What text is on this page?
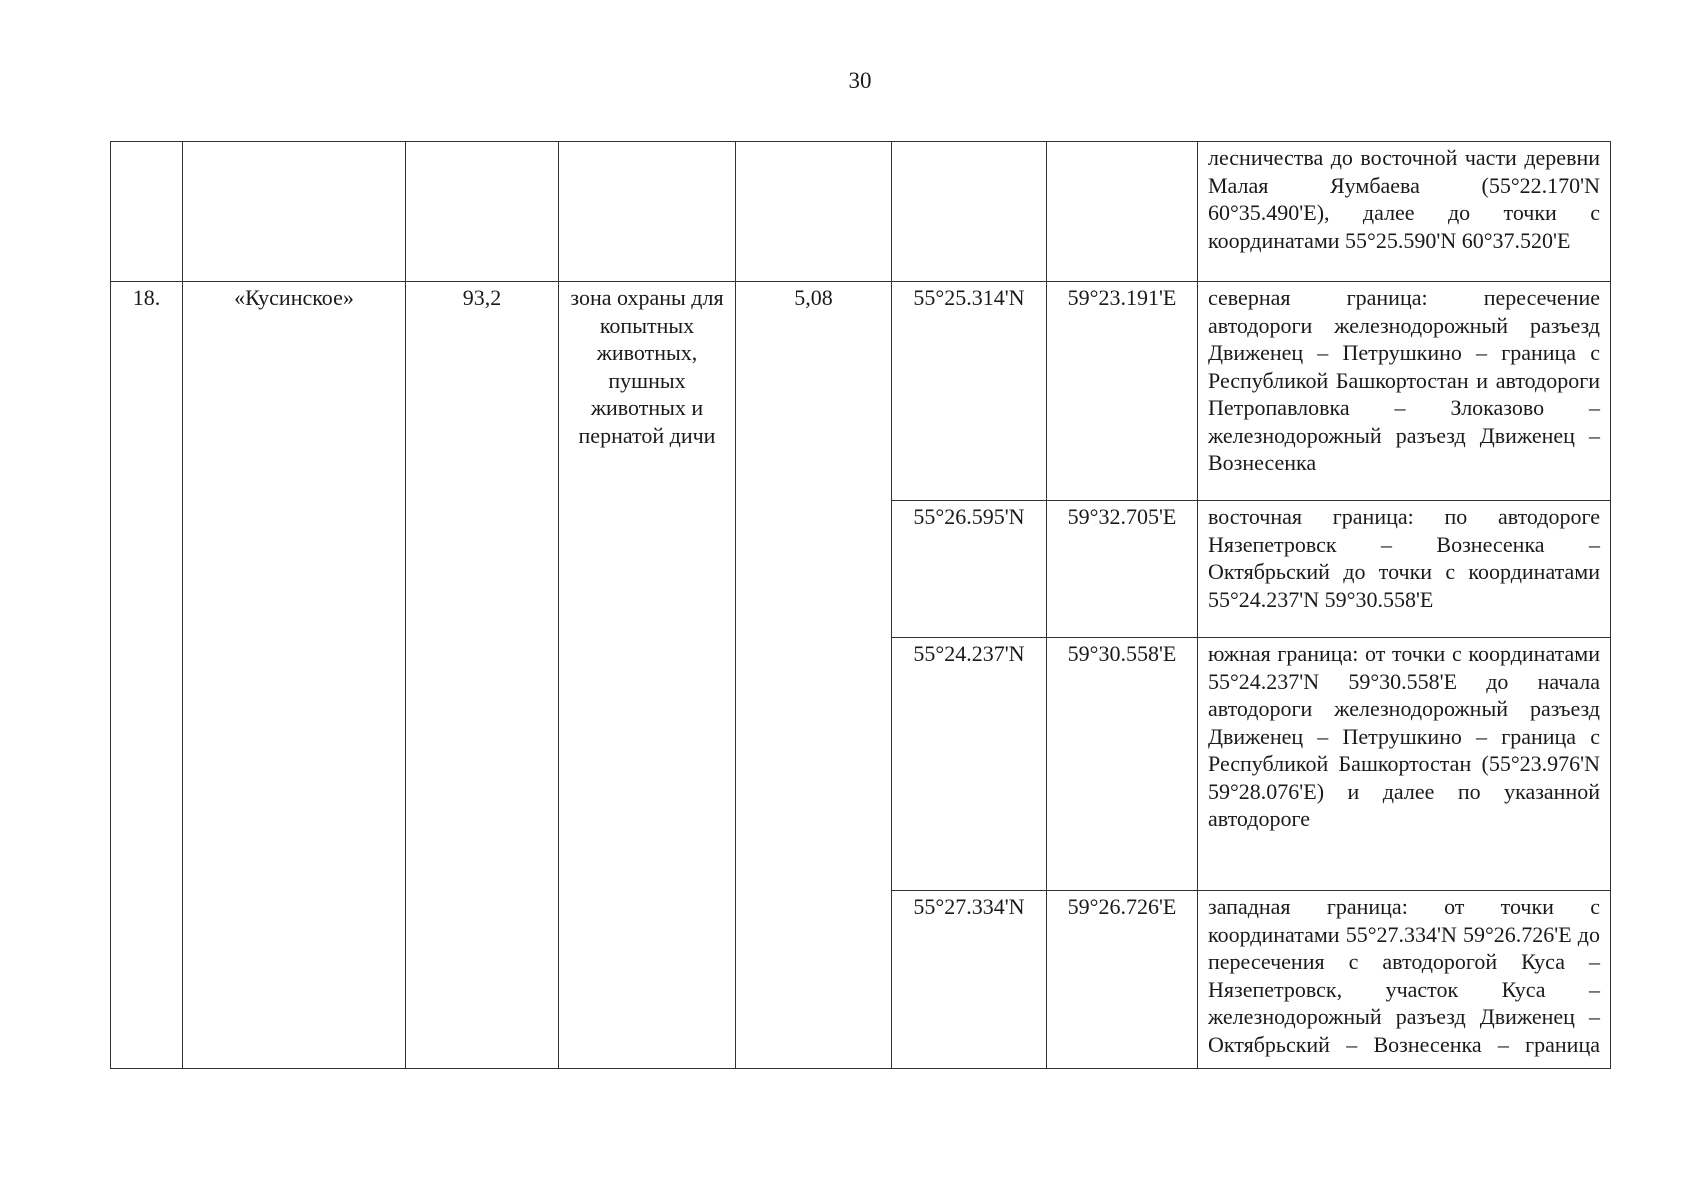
30
							лесничества до восточной части деревни Малая Яумбаева (55°22.170'N 60°35.490'E), далее до точки с координатами 55°25.590'N 60°37.520'E
18.	«Кусинское»	93,2	зона охраны для копытных животных, пушных животных и пернатой дичи	5,08	55°25.314'N	59°23.191'E	северная граница: пересечение автодороги железнодорожный разъезд Движенец – Петрушкино – граница с Республикой Башкортостан и автодороги Петропавловка – Злоказово – железнодорожный разъезд Движенец – Вознесенка
					55°26.595'N	59°32.705'E	восточная граница: по автодороге Нязепетровск – Вознесенка – Октябрьский до точки с координатами 55°24.237'N 59°30.558'E
					55°24.237'N	59°30.558'E	южная граница: от точки с координатами 55°24.237'N 59°30.558'E до начала автодороги железнодорожный разъезд Движенец – Петрушкино – граница с Республикой Башкортостан (55°23.976'N 59°28.076'E) и далее по указанной автодороге
					55°27.334'N	59°26.726'E	западная граница: от точки с координатами 55°27.334'N 59°26.726'E до пересечения с автодорогой Куса – Нязепетровск, участок Куса – железнодорожный разъезд Движенец – Октябрьский – Вознесенка – граница
